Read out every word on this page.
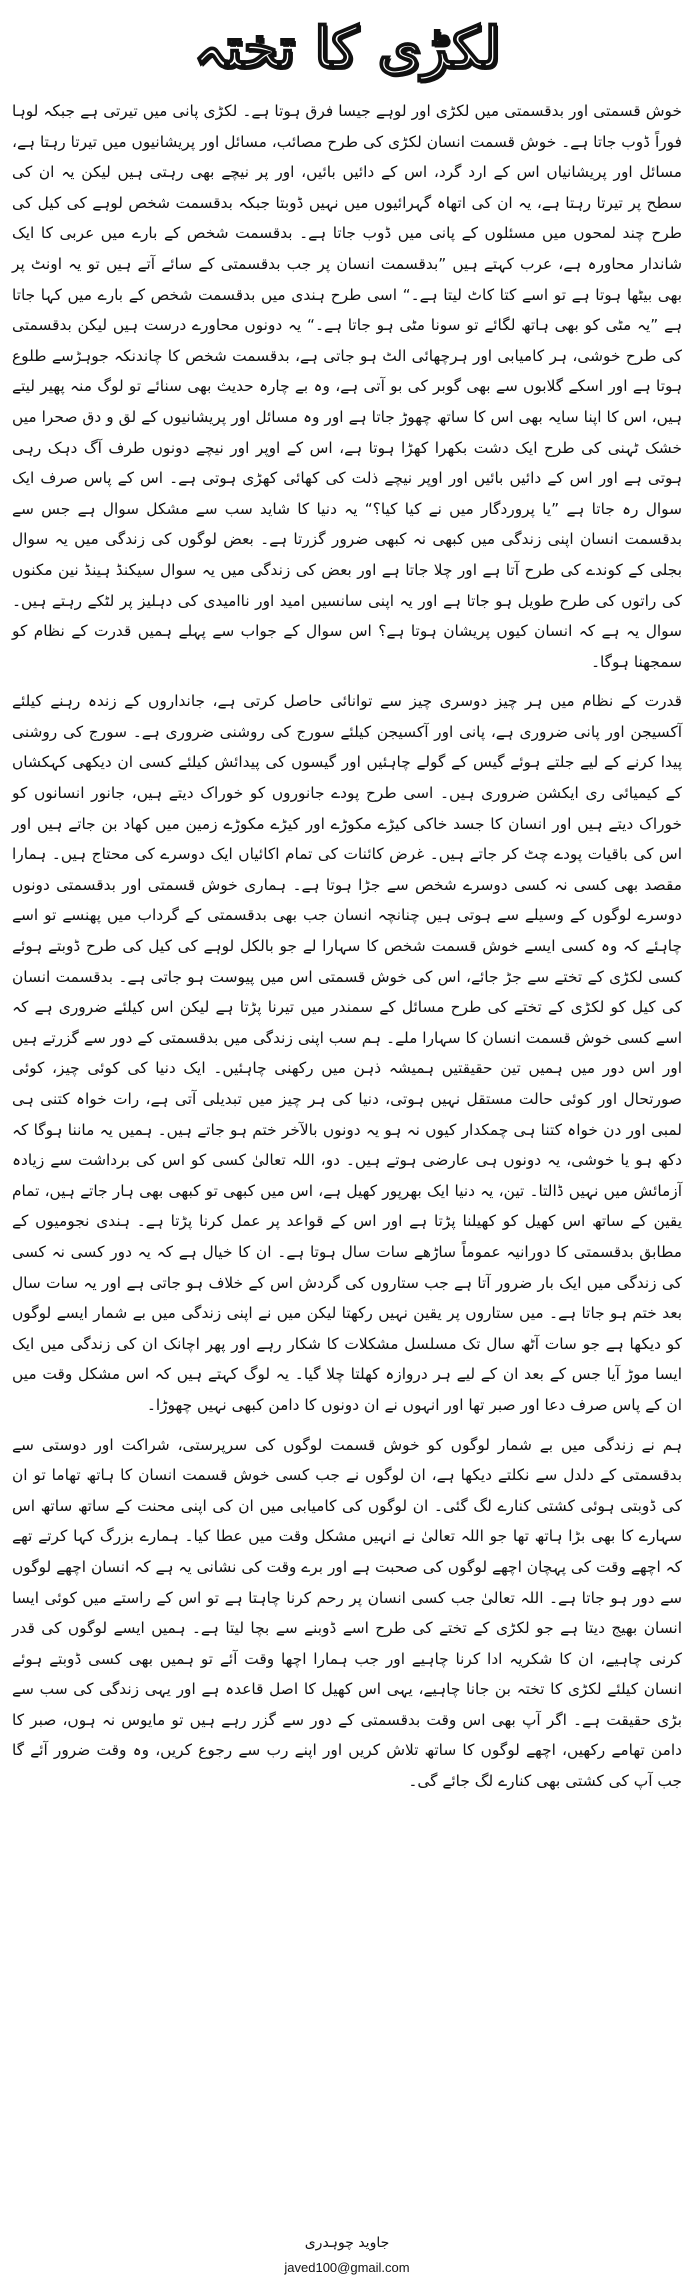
لکڑی کا تختہ

خوش قسمتی اور بدقسمتی میں لکڑی اور لوہے جیسا فرق ہوتا ہے۔ لکڑی پانی میں تیرتی ہے جبکہ لوہا فوراً ڈوب جاتا ہے۔ خوش قسمت انسان لکڑی کی طرح مصائب، مسائل اور پریشانیوں میں تیرتا رہتا ہے، مسائل اور پریشانیاں اس کے ارد گرد، اس کے دائیں بائیں، اور پر نیچے بھی رہتی ہیں لیکن یہ ان کی سطح پر تیرتا رہتا ہے، یہ ان کی اتھاہ گہرائیوں میں نہیں ڈوبتا جبکہ بدقسمت شخص لوہے کی کیل کی طرح چند لمحوں میں مسئلوں کے پانی میں ڈوب جاتا ہے۔ بدقسمت شخص کے بارے میں عربی کا ایک شاندار محاورہ ہے، عرب کہتے ہیں ”بدقسمت انسان پر جب بدقسمتی کے سائے آتے ہیں تو یہ اونٹ پر بھی بیٹھا ہوتا ہے تو اسے کتا کاٹ لیتا ہے۔“ اسی طرح ہندی میں بدقسمت شخص کے بارے میں کہا جاتا ہے ”یہ مٹی کو بھی ہاتھ لگائے تو سونا مٹی ہو جاتا ہے۔“ یہ دونوں محاورے درست ہیں لیکن بدقسمتی کی طرح خوشی، ہر کامیابی اور ہرچھائی الٹ ہو جاتی ہے، بدقسمت شخص کا چاندنکہ جوہڑسے طلوع ہوتا ہے اور اسکے گلابوں سے بھی گوبر کی بو آتی ہے، وہ بے چارہ حدیث بھی سنائے تو لوگ منہ پھیر لیتے ہیں، اس کا اپنا سایہ بھی اس کا ساتھ چھوڑ جاتا ہے اور وہ مسائل اور پریشانیوں کے لق و دق صحرا میں خشک ٹہنی کی طرح ایک دشت بکھرا کھڑا ہوتا ہے، اس کے اوپر اور نیچے دونوں طرف آگ دہک رہی ہوتی ہے اور اس کے دائیں بائیں اور اوپر نیچے ذلت کی کھائی کھڑی ہوتی ہے۔ اس کے پاس صرف ایک سوال رہ جاتا ہے ”یا پروردگار میں نے کیا کیا؟“ یہ دنیا کا شاید سب سے مشکل سوال ہے جس سے بدقسمت انسان اپنی زندگی میں کبھی نہ کبھی ضرور گزرتا ہے۔ بعض لوگوں کی زندگی میں یہ سوال بجلی کے کوندے کی طرح آتا ہے اور چلا جاتا ہے اور بعض کی زندگی میں یہ سوال سیکنڈ ہینڈ نین مکنوں کی راتوں کی طرح طویل ہو جاتا ہے اور یہ اپنی سانسیں امید اور ناامیدی کی دہلیز پر لٹکے رہتے ہیں۔ سوال یہ ہے کہ انسان کیوں پریشان ہوتا ہے؟ اس سوال کے جواب سے پہلے ہمیں قدرت کے نظام کو سمجھنا ہوگا۔

قدرت کے نظام میں ہر چیز دوسری چیز سے توانائی حاصل کرتی ہے، جانداروں کے زندہ رہنے کیلئے آکسیجن اور پانی ضروری ہے، پانی اور آکسیجن کیلئے سورج کی روشنی ضروری ہے۔ سورج کی روشنی پیدا کرنے کے لیے جلتے ہوئے گیس کے گولے چاہئیں اور گیسوں کی پیدائش کیلئے کسی ان دیکھی کہکشاں کے کیمیائی ری ایکشن ضروری ہیں۔ اسی طرح پودے جانوروں کو خوراک دیتے ہیں، جانور انسانوں کو خوراک دیتے ہیں اور انسان کا جسد خاکی کیڑے مکوڑے اور کیڑے مکوڑے زمین میں کھاد بن جاتے ہیں اور اس کی باقیات پودے چٹ کر جاتے ہیں۔ غرض کائنات کی تمام اکائیاں ایک دوسرے کی محتاج ہیں۔ ہمارا مقصد بھی کسی نہ کسی دوسرے شخص سے جڑا ہوتا ہے۔ ہماری خوش قسمتی اور بدقسمتی دونوں دوسرے لوگوں کے وسیلے سے ہوتی ہیں چنانچہ انسان جب بھی بدقسمتی کے گرداب میں پھنسے تو اسے چاہئے کہ وہ کسی ایسے خوش قسمت شخص کا سہارا لے جو بالکل لوہے کی کیل کی طرح ڈوبتے ہوئے کسی لکڑی کے تختے سے جڑ جائے، اس کی خوش قسمتی اس میں پیوست ہو جاتی ہے۔ بدقسمت انسان کی کیل کو لکڑی کے تختے کی طرح مسائل کے سمندر میں تیرنا پڑتا ہے لیکن اس کیلئے ضروری ہے کہ اسے کسی خوش قسمت انسان کا سہارا ملے۔ ہم سب اپنی زندگی میں بدقسمتی کے دور سے گزرتے ہیں اور اس دور میں ہمیں تین حقیقتیں ہمیشہ ذہن میں رکھنی چاہئیں۔ ایک دنیا کی کوئی چیز، کوئی صورتحال اور کوئی حالت مستقل نہیں ہوتی، دنیا کی ہر چیز میں تبدیلی آتی ہے، رات خواہ کتنی ہی لمبی اور دن خواہ کتنا ہی چمکدار کیوں نہ ہو یہ دونوں بالآخر ختم ہو جاتے ہیں۔ ہمیں یہ ماننا ہوگا کہ دکھ ہو یا خوشی، یہ دونوں ہی عارضی ہوتے ہیں۔ دو، اللہ تعالیٰ کسی کو اس کی برداشت سے زیادہ آزمائش میں نہیں ڈالتا۔ تین، یہ دنیا ایک بھرپور کھیل ہے، اس میں کبھی تو کبھی بھی ہار جاتے ہیں، تمام یقین کے ساتھ اس کھیل کو کھیلنا پڑتا ہے اور اس کے قواعد پر عمل کرنا پڑتا ہے۔ ہندی نجومیوں کے مطابق بدقسمتی کا دورانیہ عموماً ساڑھے سات سال ہوتا ہے۔ ان کا خیال ہے کہ یہ دور کسی نہ کسی کی زندگی میں ایک بار ضرور آتا ہے جب ستاروں کی گردش اس کے خلاف ہو جاتی ہے اور یہ سات سال بعد ختم ہو جاتا ہے۔ میں ستاروں پر یقین نہیں رکھتا لیکن میں نے اپنی زندگی میں بے شمار ایسے لوگوں کو دیکھا ہے جو سات آٹھ سال تک مسلسل مشکلات کا شکار رہے اور پھر اچانک ان کی زندگی میں ایک ایسا موڑ آیا جس کے بعد ان کے لیے ہر دروازہ کھلتا چلا گیا۔ یہ لوگ کہتے ہیں کہ اس مشکل وقت میں ان کے پاس صرف دعا اور صبر تھا اور انہوں نے ان دونوں کا دامن کبھی نہیں چھوڑا۔

ہم نے زندگی میں بے شمار لوگوں کو خوش قسمت لوگوں کی سرپرستی، شراکت اور دوستی سے بدقسمتی کے دلدل سے نکلتے دیکھا ہے، ان لوگوں نے جب کسی خوش قسمت انسان کا ہاتھ تھاما تو ان کی ڈوبتی ہوئی کشتی کنارے لگ گئی۔ ان لوگوں کی کامیابی میں ان کی اپنی محنت کے ساتھ ساتھ اس سہارے کا بھی بڑا ہاتھ تھا جو اللہ تعالیٰ نے انہیں مشکل وقت میں عطا کیا۔ ہمارے بزرگ کہا کرتے تھے کہ اچھے وقت کی پہچان اچھے لوگوں کی صحبت ہے اور برے وقت کی نشانی یہ ہے کہ انسان اچھے لوگوں سے دور ہو جاتا ہے۔ اللہ تعالیٰ جب کسی انسان پر رحم کرنا چاہتا ہے تو اس کے راستے میں کوئی ایسا انسان بھیج دیتا ہے جو لکڑی کے تختے کی طرح اسے ڈوبنے سے بچا لیتا ہے۔ ہمیں ایسے لوگوں کی قدر کرنی چاہیے، ان کا شکریہ ادا کرنا چاہیے اور جب ہمارا اچھا وقت آئے تو ہمیں بھی کسی ڈوبتے ہوئے انسان کیلئے لکڑی کا تختہ بن جانا چاہیے، یہی اس کھیل کا اصل قاعدہ ہے اور یہی زندگی کی سب سے بڑی حقیقت ہے۔ اگر آپ بھی اس وقت بدقسمتی کے دور سے گزر رہے ہیں تو مایوس نہ ہوں، صبر کا دامن تھامے رکھیں، اچھے لوگوں کا ساتھ تلاش کریں اور اپنے رب سے رجوع کریں، وہ وقت ضرور آئے گا جب آپ کی کشتی بھی کنارے لگ جائے گی۔

جاوید چوہدری
javed100@gmail.com
